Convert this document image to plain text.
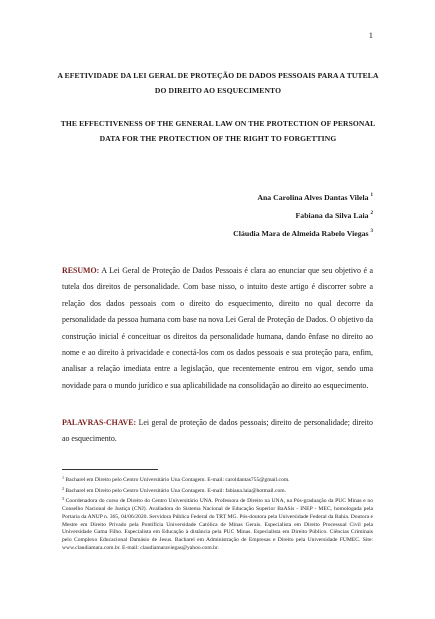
1
A EFETIVIDADE DA LEI GERAL DE PROTEÇÃO DE DADOS PESSOAIS PARA A TUTELA DO DIREITO AO ESQUECIMENTO
THE EFFECTIVENESS OF THE GENERAL LAW ON THE PROTECTION OF PERSONAL DATA FOR THE PROTECTION OF THE RIGHT TO FORGETTING
Ana Carolina Alves Dantas Vilela $^1$
Fabiana da Silva Laia $^2$
Cláudia Mara de Almeida Rabelo Viegas $^3$
RESUMO: A Lei Geral de Proteção de Dados Pessoais é clara ao enunciar que seu objetivo é a tutela dos direitos de personalidade. Com base nisso, o intuito deste artigo é discorrer sobre a relação dos dados pessoais com o direito do esquecimento, direito no qual decorre da personalidade da pessoa humana com base na nova Lei Geral de Proteção de Dados. O objetivo da construção inicial é conceituar os direitos da personalidade humana, dando ênfase no direito ao nome e ao direito à privacidade e conectá-los com os dados pessoais e sua proteção para, enfim, analisar a relação imediata entre a legislação, que recentemente entrou em vigor, sendo uma novidade para o mundo jurídico e sua aplicabilidade na consolidação ao direito ao esquecimento.
PALAVRAS-CHAVE: Lei geral de proteção de dados pessoais; direito de personalidade; direito ao esquecimento.

$^1$ Bacharel em Direito pelo Centro Universitário Una Contagem. E-mail: caroldantas755@gmail.com.

$^2$ Bacharel em Direito pelo Centro Universitário Una Contagem. E-mail: fabiana.laia@hotmail.com.

$^3$ Coordenadora do curso de Direito do Centro Universitário UNA. Professora de Direito na UNA, na Pós-graduação da PUC Minas e no Conselho Nacional de Justiça (CNJ). Avaliadora do Sistema Nacional de Educação Superior BaASis - INEP - MEC, homologada pela Portaria da ANUP n. 365, 04/06/2020. Servidora Pública Federal do TRT MG. Pós-doutora pela Universidade Federal da Bahia. Doutora e Mestre em Direito Privado pela Pontifícia Universidade Católica de Minas Gerais. Especialista em Direito Processual Civil pela Universidade Gama Filho. Especialista em Educação à distância pela PUC Minas. Especialista em Direito Público. Ciências Criminais pelo Complexo Educacional Damásio de Jesus. Bacharel em Administração de Empresas e Direito pela Universidade FUMEC. Site: www.claudiamara.com.br. E-mail: claudiamaraviegas@yahoo.com.br.
